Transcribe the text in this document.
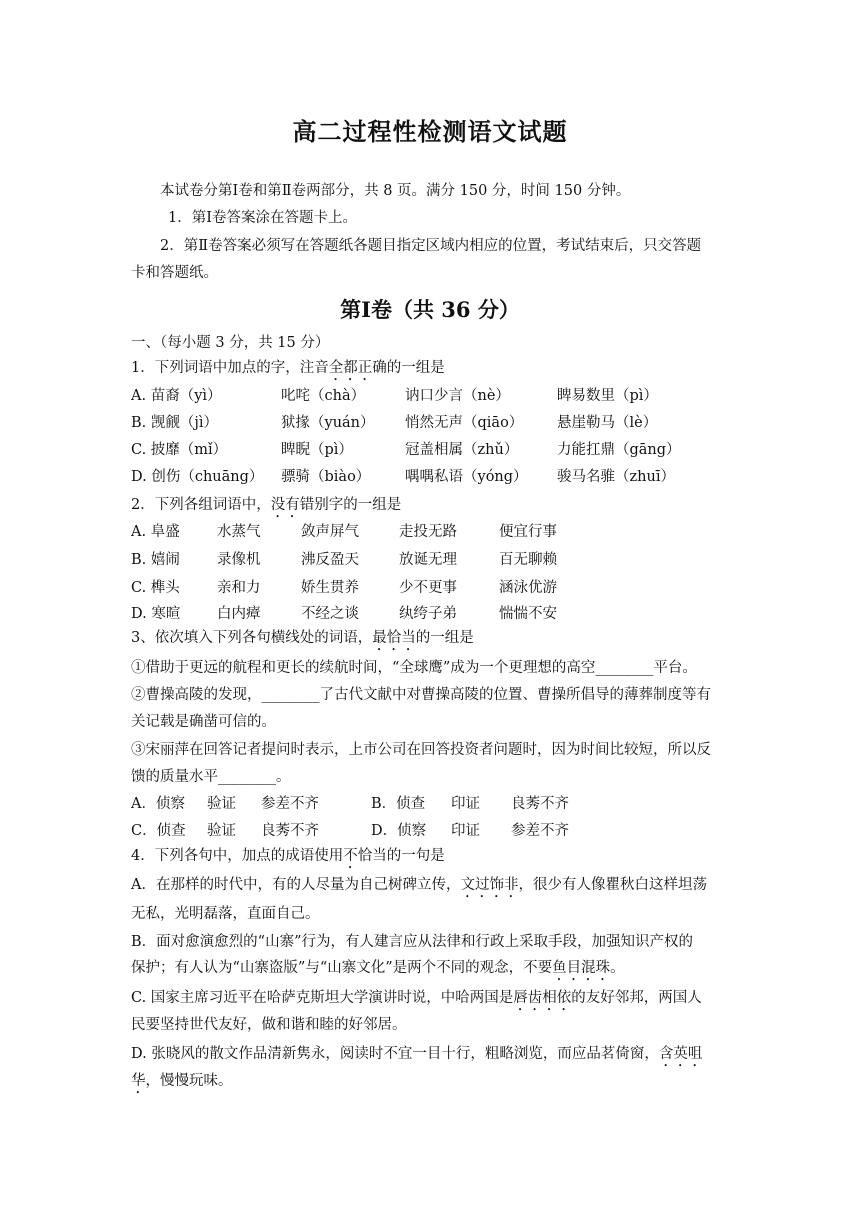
高二过程性检测语文试题
本试卷分第Ⅰ卷和第Ⅱ卷两部分，共 8 页。满分 150 分，时间 150 分钟。
1．第Ⅰ卷答案涂在答题卡上。
2．第Ⅱ卷答案必须写在答题纸各题目指定区域内相应的位置，考试结束后，只交答题
卡和答题纸。
第Ⅰ卷（共 36 分）
一、（每小题 3 分，共 15 分）
1．下列词语中加点的字，注音全都正确的一组是
A. 苗裔（yì）	叱咤（chà）	讷口少言（nè）	睥易数里（pì）
B. 觊觎（jì）	狱掾（yuán） 悄然无声（qiāo） 悬崖勒马（lè）
C. 披靡（mǐ）	睥睨（pì）	冠盖相属（zhǔ）	力能扛鼎（gāng）
D. 创伤（chuāng） 骠骑（biào） 喁喁私语（yóng） 骏马名骓（zhuī）
2．下列各组词语中，没有错别字的一组是
A. 阜盛	水蒸气	敛声屏气	走投无路	便宜行事
B. 嬉闹	录像机	沸反盈天	放诞无理	百无聊赖
C. 榫头	亲和力	娇生贯养	少不更事	涵泳优游
D. 寒暄	白内瘴	不经之谈	纨绔子弟	惴惴不安
3、依次填入下列各句横线处的词语，最恰当的一组是
①借助于更远的航程和更长的续航时间，“全球鹰”成为一个更理想的高空________平台。
②曹操高陵的发现，________了古代文献中对曹操高陵的位置、曹操所倡导的薄葬制度等有
关记载是确凿可信的。
③宋丽萍在回答记者提问时表示，上市公司在回答投资者问题时，因为时间比较短，所以反
馈的质量水平________。
A．侦察 验证 参差不齐	B．侦查 印证 良莠不齐
C．侦查 验证 良莠不齐	D．侦察 印证 参差不齐
4．下列各句中，加点的成语使用不恰当的一句是
A．在那样的时代中，有的人尽量为自己树碑立传，文过饰非，很少有人像瞿秋白这样坦荡
无私，光明磊落，直面自己。
B．面对愈演愈烈的“山寨”行为，有人建言应从法律和行政上采取手段，加强知识产权的
保护；有人认为“山寨盗版”与“山寨文化”是两个不同的观念，不要鱼目混珠。
C. 国家主席习近平在哈萨克斯坦大学演讲时说，中哈两国是唇齿相依的友好邻邦，两国人
民要坚持世代友好，做和谐和睦的好邻居。
D. 张晓风的散文作品清新隽永，阅读时不宜一目十行，粗略浏览，而应品茗倚窗，含英咀
华，慢慢玩味。
